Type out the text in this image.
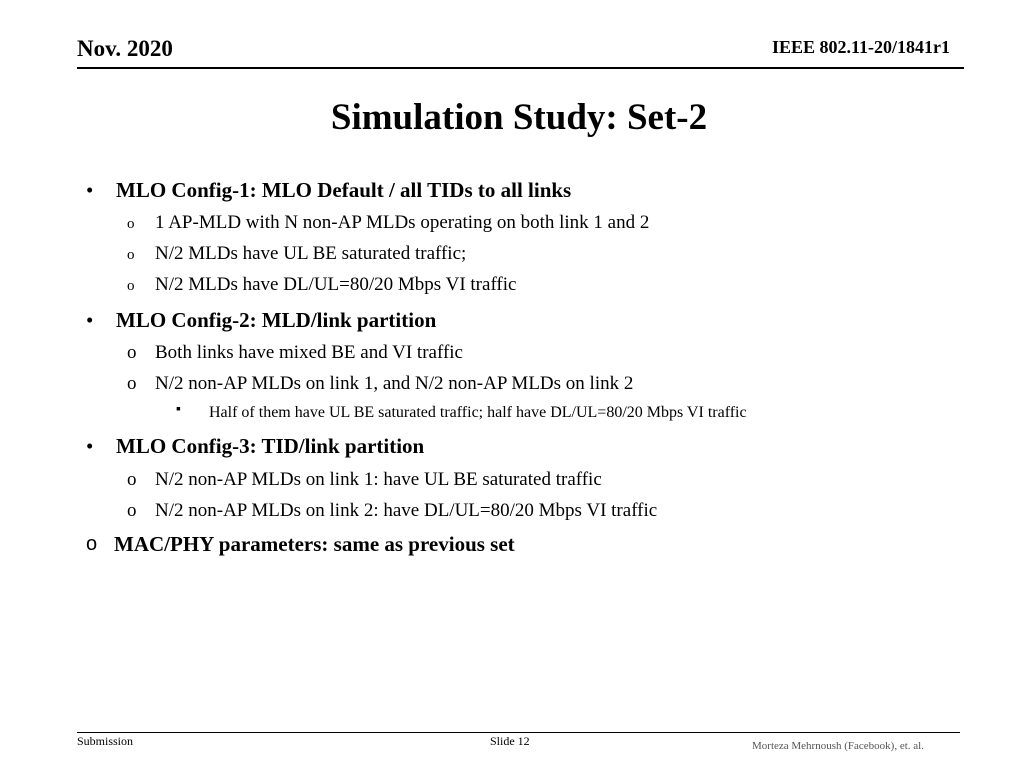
Nov. 2020	IEEE 802.11-20/1841r1
Simulation Study: Set-2
• MLO Config-1: MLO Default / all TIDs to all links
o 1 AP-MLD with N non-AP MLDs operating on both link 1 and 2
o N/2 MLDs have UL BE saturated traffic;
o N/2 MLDs have DL/UL=80/20 Mbps VI traffic
• MLO Config-2: MLD/link partition
o Both links have mixed BE and VI traffic
o N/2 non-AP MLDs on link 1, and N/2 non-AP MLDs on link 2
▪ Half of them have UL BE saturated traffic; half have DL/UL=80/20 Mbps VI traffic
• MLO Config-3: TID/link partition
o N/2 non-AP MLDs on link 1: have UL BE saturated traffic
o N/2 non-AP MLDs on link 2: have DL/UL=80/20 Mbps VI traffic
o MAC/PHY parameters: same as previous set
Submission	Slide 12	Morteza Mehrnoush (Facebook), et. al.
